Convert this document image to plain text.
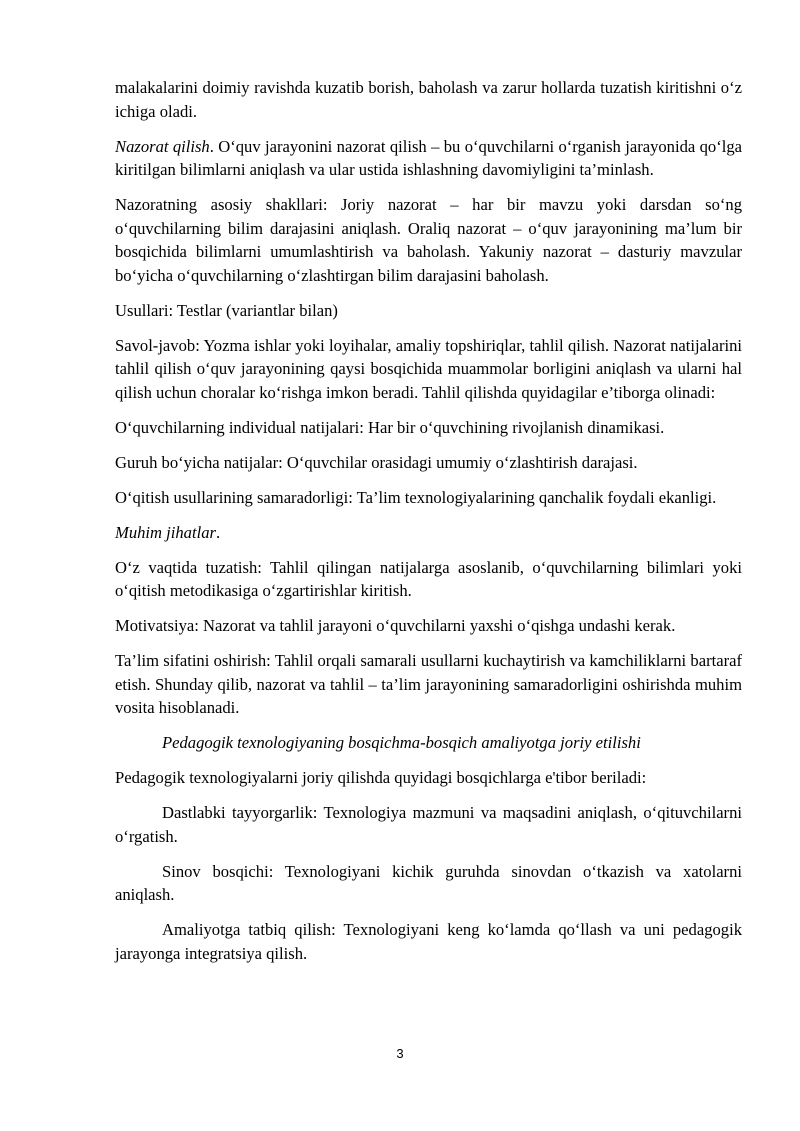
malakalarini doimiy ravishda kuzatib borish, baholash va zarur hollarda tuzatish kiritishni o‘z ichiga oladi.

Nazorat qilish. O‘quv jarayonini nazorat qilish – bu o‘quvchilarni o‘rganish jarayonida qo‘lga kiritilgan bilimlarni aniqlash va ular ustida ishlashning davomiyligini ta’minlash.

Nazoratning asosiy shakllari: Joriy nazorat – har bir mavzu yoki darsdan so‘ng o‘quvchilarning bilim darajasini aniqlash. Oraliq nazorat – o‘quv jarayonining ma’lum bir bosqichida bilimlarni umumlashtirish va baholash. Yakuniy nazorat – dasturiy mavzular bo‘yicha o‘quvchilarning o‘zlashtirgan bilim darajasini baholash.

Usullari: Testlar (variantlar bilan)

Savol-javob: Yozma ishlar yoki loyihalar, amaliy topshiriqlar, tahlil qilish. Nazorat natijalarini tahlil qilish o‘quv jarayonining qaysi bosqichida muammolar borligini aniqlash va ularni hal qilish uchun choralar ko‘rishga imkon beradi. Tahlil qilishda quyidagilar e’tiborga olinadi:

O‘quvchilarning individual natijalari: Har bir o‘quvchining rivojlanish dinamikasi.

Guruh bo‘yicha natijalar: O‘quvchilar orasidagi umumiy o‘zlashtirish darajasi.

O‘qitish usullarining samaradorligi: Ta’lim texnologiyalarining qanchalik foydali ekanligi.

Muhim jihatlar.

O‘z vaqtida tuzatish: Tahlil qilingan natijalarga asoslanib, o‘quvchilarning bilimlari yoki o‘qitish metodikasiga o‘zgartirishlar kiritish.

Motivatsiya: Nazorat va tahlil jarayoni o‘quvchilarni yaxshi o‘qishga undashi kerak.

Ta’lim sifatini oshirish: Tahlil orqali samarali usullarni kuchaytirish va kamchiliklarni bartaraf etish. Shunday qilib, nazorat va tahlil – ta’lim jarayonining samaradorligini oshirishda muhim vosita hisoblanadi.

Pedagogik texnologiyaning bosqichma-bosqich amaliyotga joriy etilishi

Pedagogik texnologiyalarni joriy qilishda quyidagi bosqichlarga e'tibor beriladi:

Dastlabki tayyorgarlik: Texnologiya mazmuni va maqsadini aniqlash, o‘qituvchilarni o‘rgatish.

Sinov bosqichi: Texnologiyani kichik guruhda sinovdan o‘tkazish va xatolarni aniqlash.

Amaliyotga tatbiq qilish: Texnologiyani keng ko‘lamda qo‘llash va uni pedagogik jarayonga integratsiya qilish.

3
